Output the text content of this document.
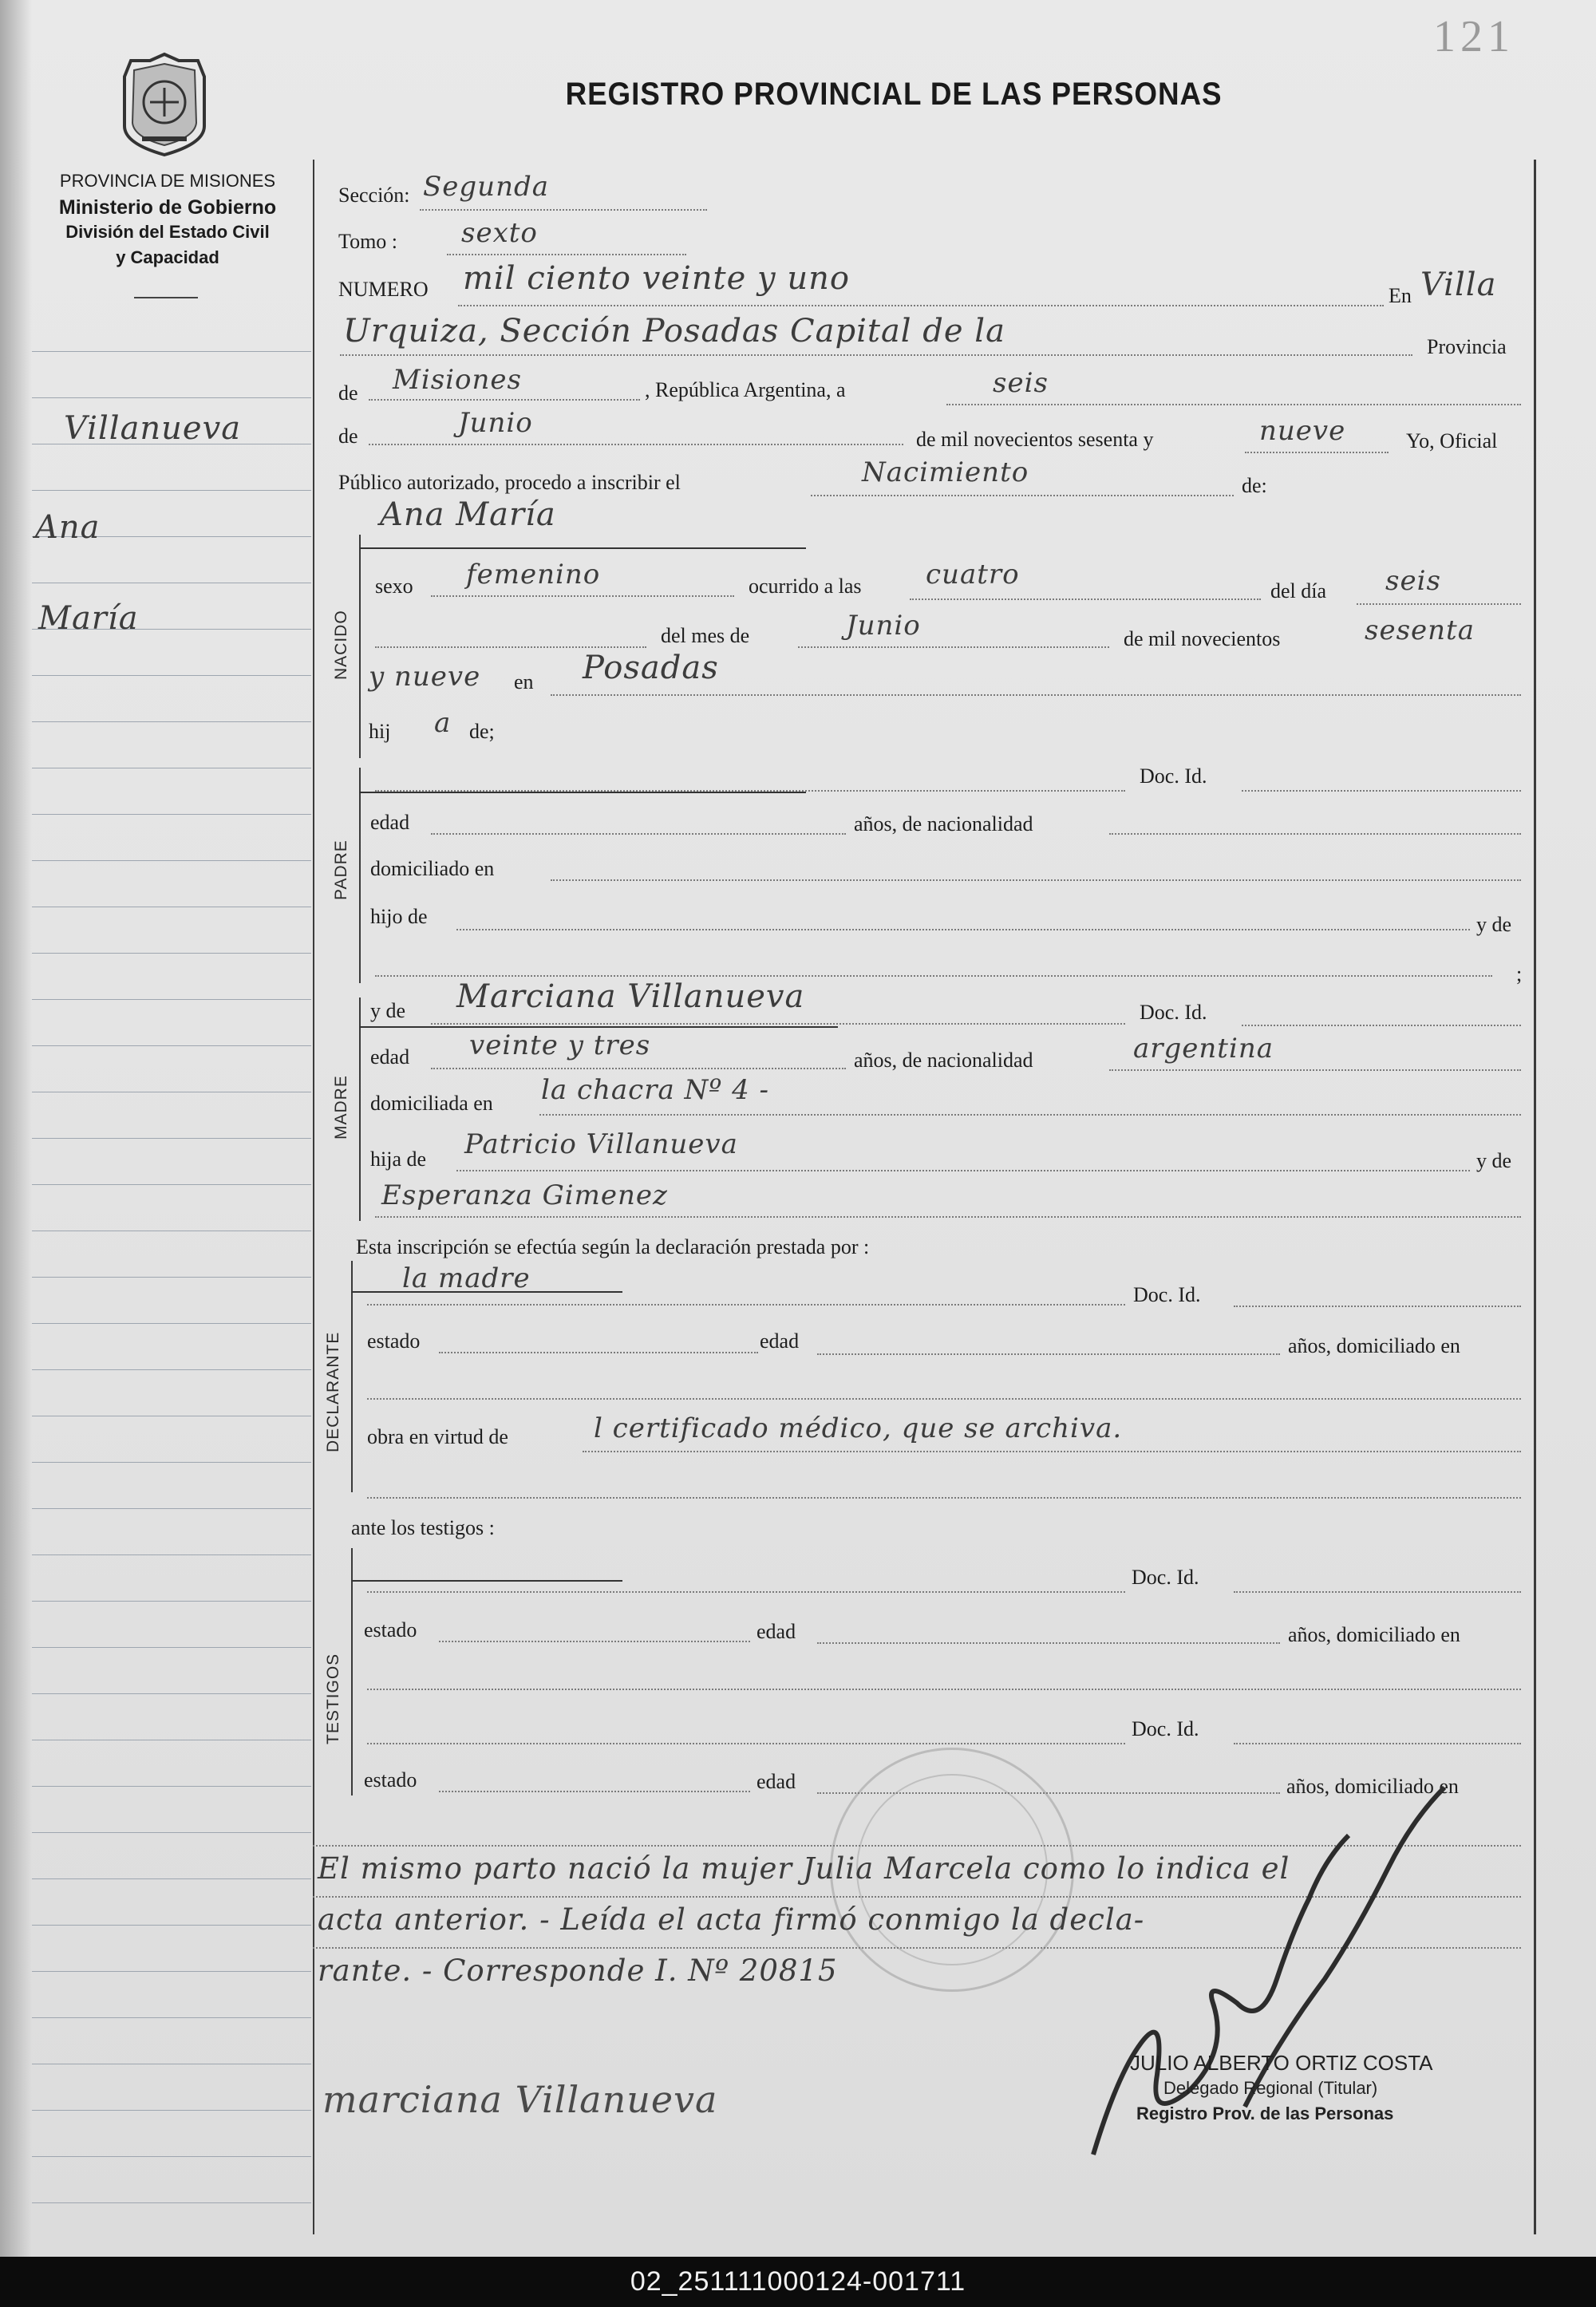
121
PROVINCIA DE MISIONES
Ministerio de Gobierno
División del Estado Civil
y Capacidad
REGISTRO PROVINCIAL DE LAS PERSONAS
Villanueva
Ana
María
Sección: Segunda
Tomo : sexto
NUMERO mil ciento veinte y uno	En Villa
Urquiza, Sección Posadas Capital de la	Provincia
de Misiones	, República Argentina, a	seis
de	Junio
de mil novecientos sesenta y	nueve	Yo, Oficial
Público autorizado, procedo a inscribir el	Nacimiento	de:
Ana María
NACIDO
sexo femenino	ocurrido a las cuatro
del día seis
del mes de	Junio	de mil novecientos	sesenta
y nueve en Posadas
hij a de;
PADRE
Doc. Id.
edad	años, de nacionalidad
domiciliado en
hijo de	y de
;
MADRE
y de Marciana Villanueva	Doc. Id.
edad veinte y tres	años, de nacionalidad	argentina
domiciliada en la chacra Nº 4 -
hija de Patricio Villanueva
y de
Esperanza Gimenez
Esta inscripción se efectúa según la declaración prestada por :
DECLARANTE
la madre
Doc. Id.
estado	edad	años, domiciliado en
obra en virtud de	l certificado médico, que se archiva.
ante los testigos :
TESTIGOS
Doc. Id.
estado	edad	años, domiciliado en
Doc. Id.
estado	edad	años, domiciliado en
El mismo parto nació la mujer Julia Marcela como lo indica el
acta anterior. - Leída el acta firmó conmigo la decla-
rante. - Corresponde I. Nº 20815
JULIO ALBERTO ORTIZ COSTA
Delegado Regional (Titular)
Registro Prov. de las Personas
marciana Villanueva
02_251111000124-001711
